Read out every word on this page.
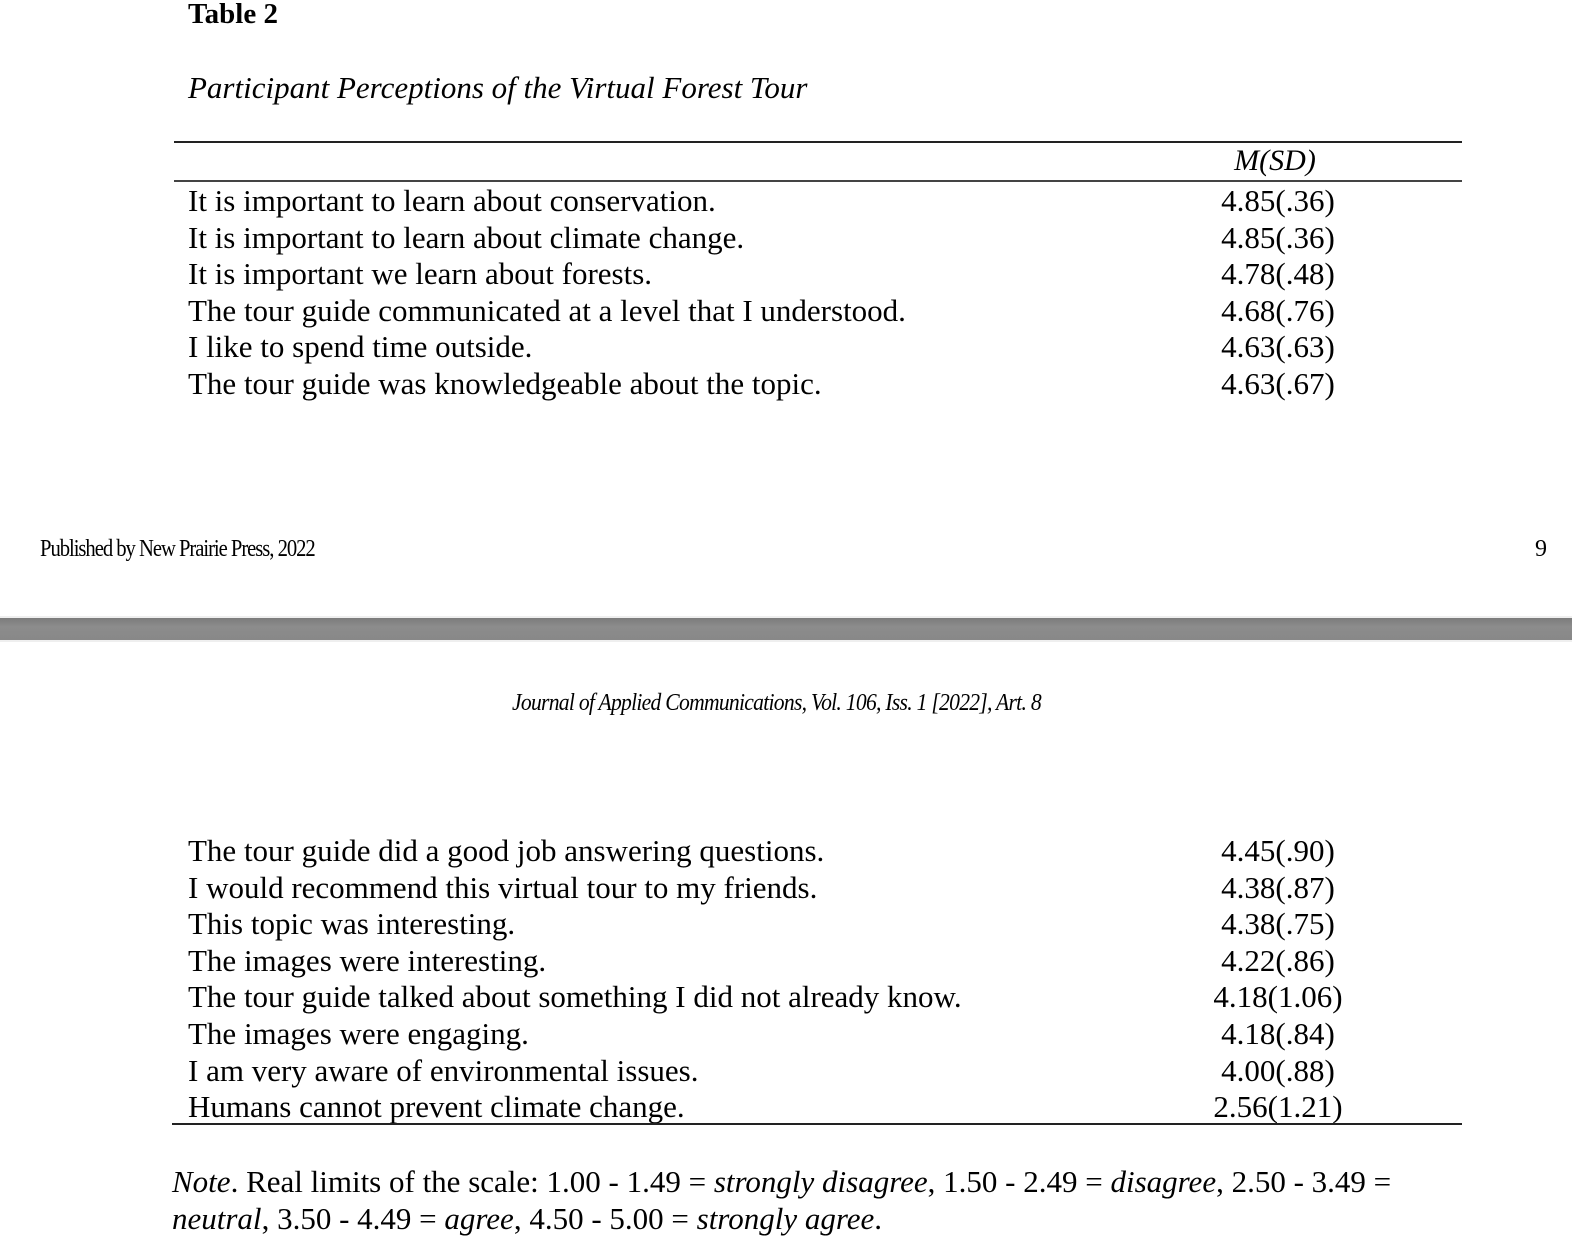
Table 2
Participant Perceptions of the Virtual Forest Tour
M(SD)
It is important to learn about conservation.	4.85(.36)
It is important to learn about climate change.	4.85(.36)
It is important we learn about forests.	4.78(.48)
The tour guide communicated at a level that I understood.	4.68(.76)
I like to spend time outside.	4.63(.63)
The tour guide was knowledgeable about the topic.	4.63(.67)
Published by New Prairie Press, 2022	9
Journal of Applied Communications, Vol. 106, Iss. 1 [2022], Art. 8
The tour guide did a good job answering questions.	4.45(.90)
I would recommend this virtual tour to my friends.	4.38(.87)
This topic was interesting.	4.38(.75)
The images were interesting.	4.22(.86)
The tour guide talked about something I did not already know.	4.18(1.06)
The images were engaging.	4.18(.84)
I am very aware of environmental issues.	4.00(.88)
Humans cannot prevent climate change.	2.56(1.21)
Note. Real limits of the scale: 1.00 - 1.49 = strongly disagree, 1.50 - 2.49 = disagree, 2.50 - 3.49 = neutral, 3.50 - 4.49 = agree, 4.50 - 5.00 = strongly agree.
